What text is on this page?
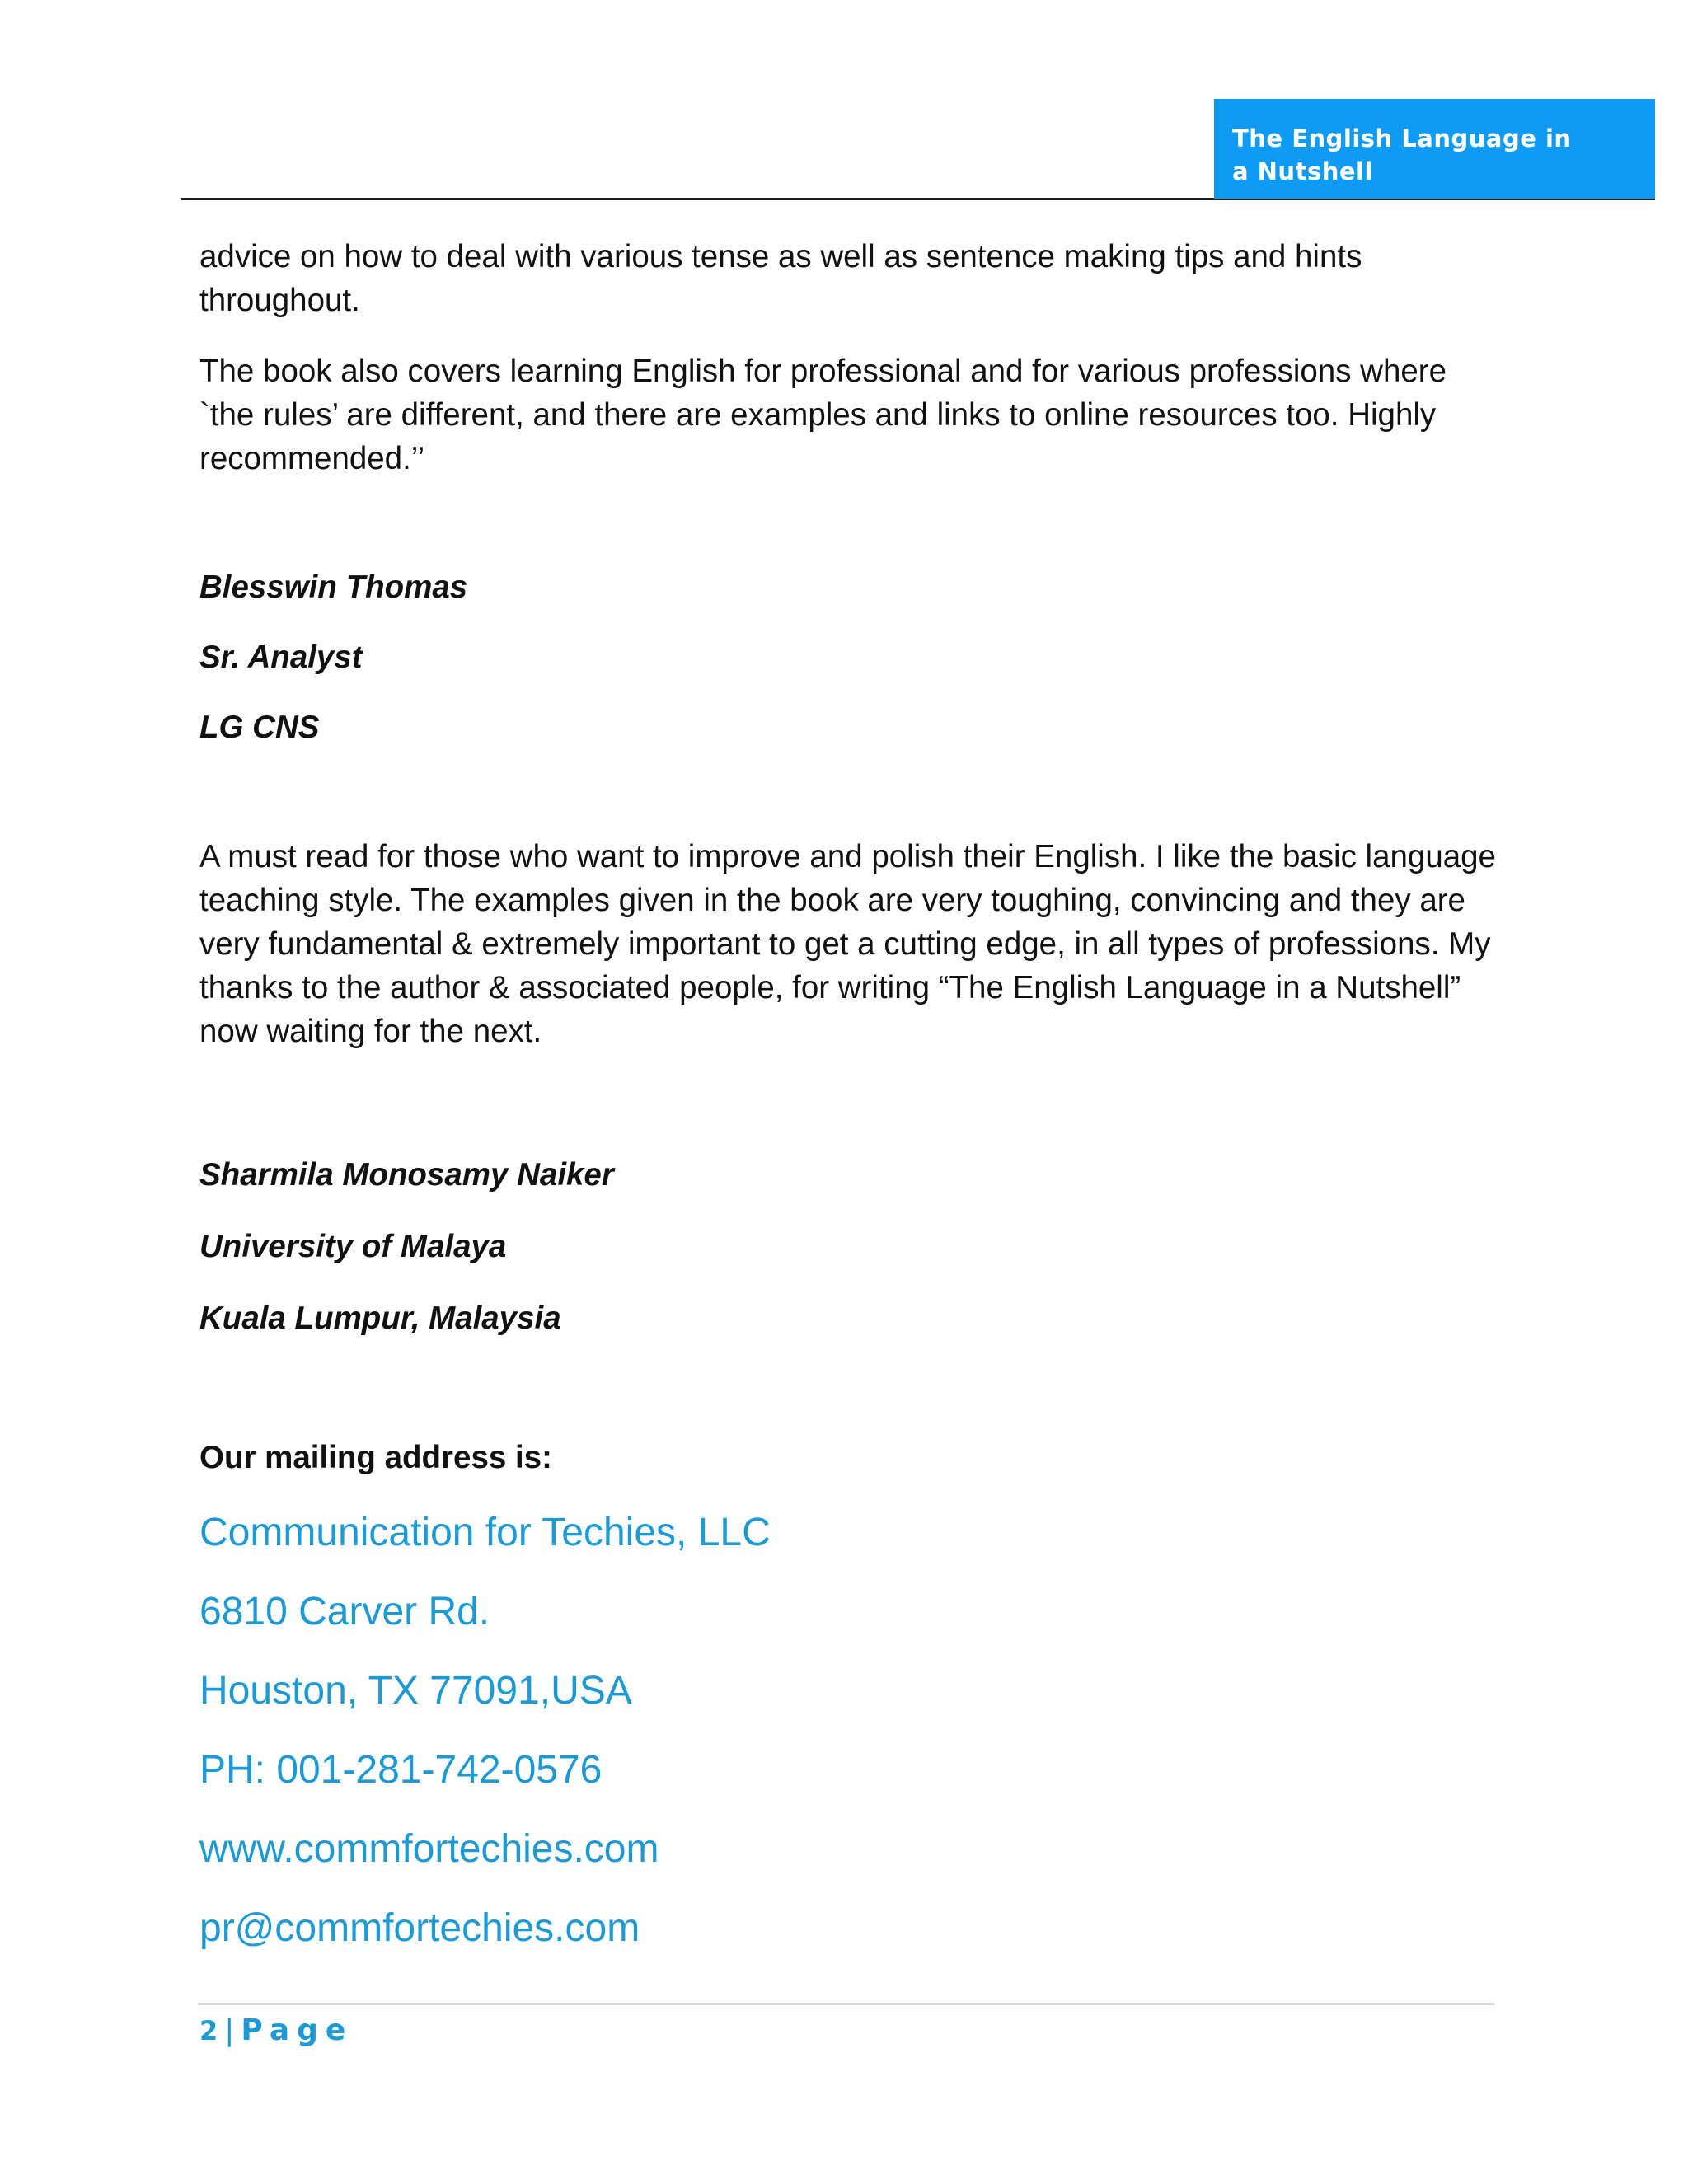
The English Language in a Nutshell

advice on how to deal with various tense as well as sentence making tips and hints throughout.

The book also covers learning English for professional and for various professions where `the rules’ are different, and there are examples and links to online resources too. Highly recommended.’’

Blesswin Thomas

Sr. Analyst

LG CNS

A must read for those who want to improve and polish their English. I like the basic language teaching style. The examples given in the book are very toughing, convincing and they are very fundamental & extremely important to get a cutting edge, in all types of professions. My thanks to the author & associated people, for writing “The English Language in a Nutshell” now waiting for the next.

Sharmila Monosamy Naiker

University of Malaya

Kuala Lumpur, Malaysia

Our mailing address is:

Communication for Techies, LLC

6810 Carver Rd.

Houston, TX 77091,USA

PH: 001-281-742-0576

www.commfortechies.com

pr@commfortechies.com

2 | Page
